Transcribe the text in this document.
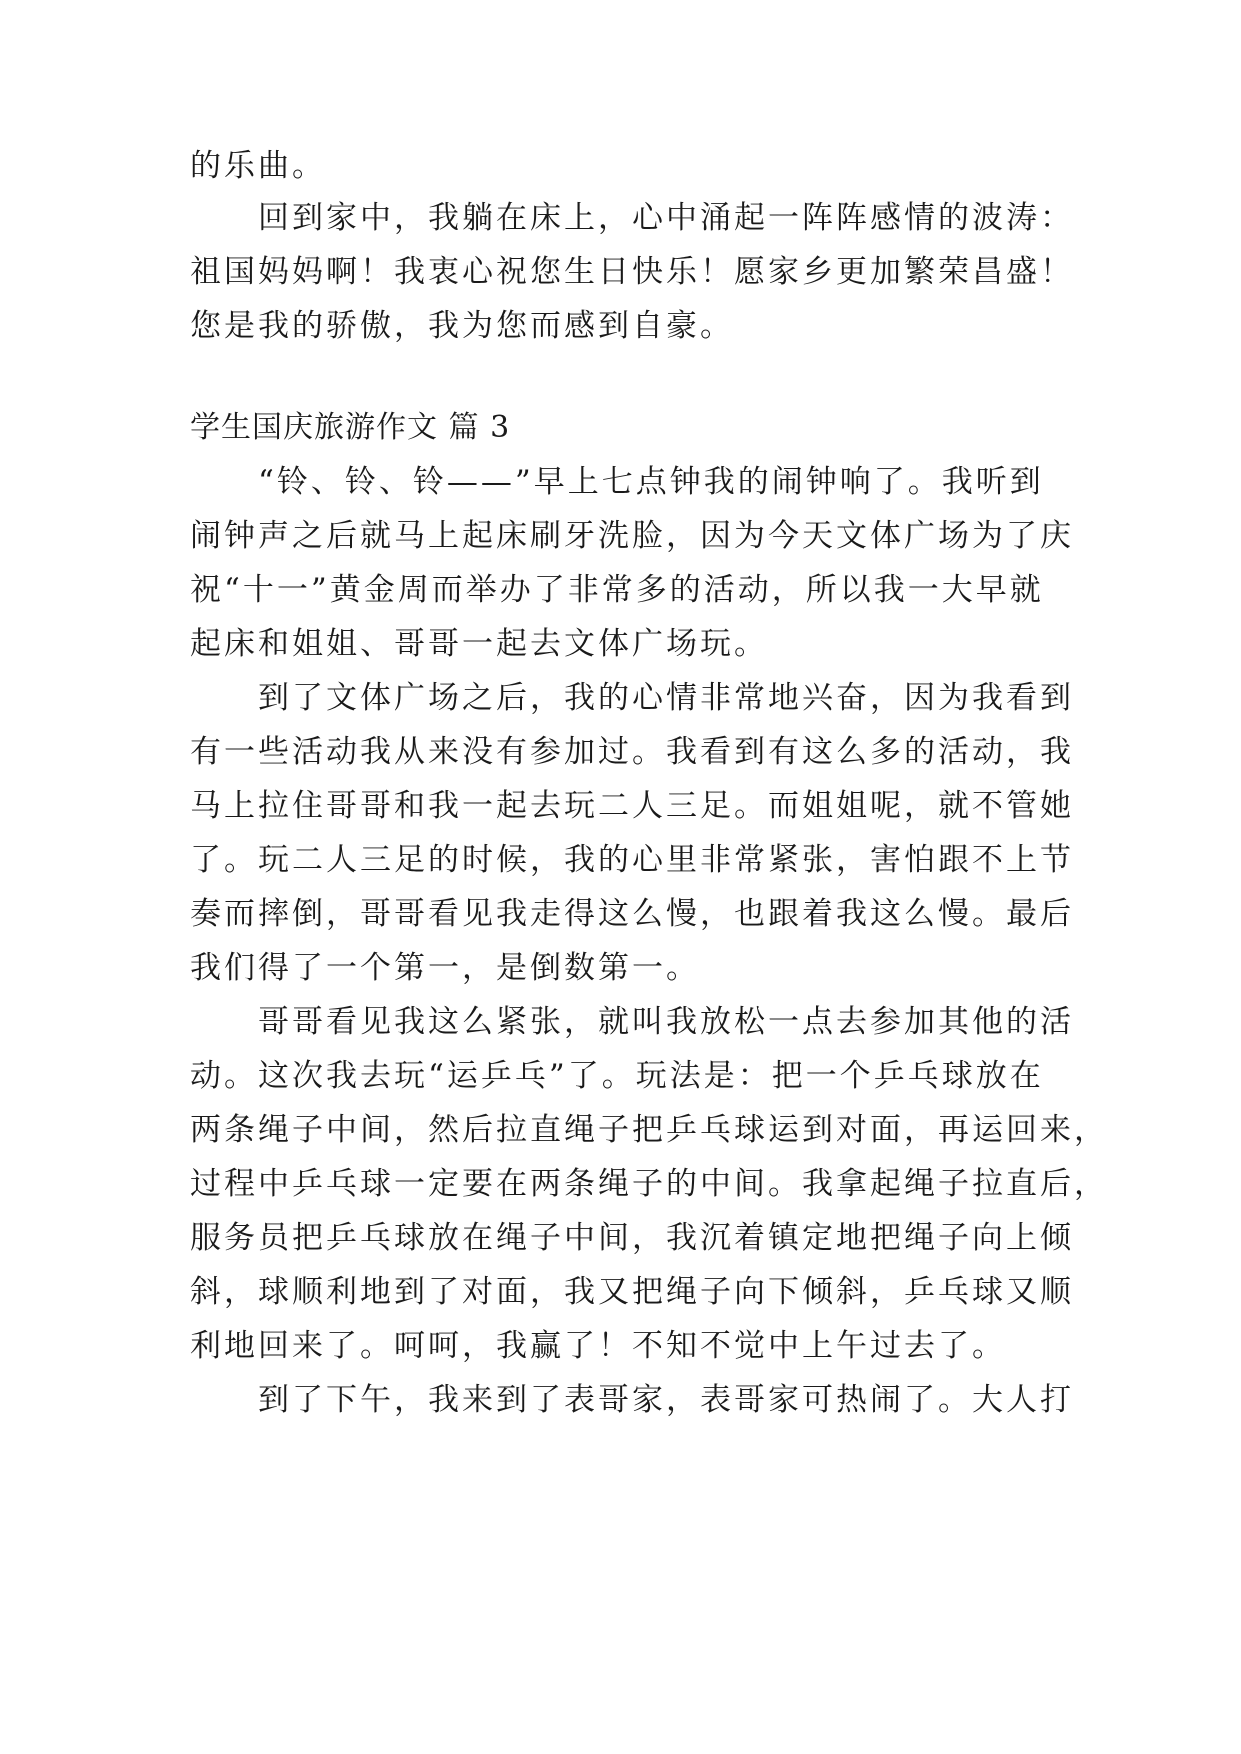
的乐曲。
回到家中，我躺在床上，心中涌起一阵阵感情的波涛：
祖国妈妈啊！我衷心祝您生日快乐！愿家乡更加繁荣昌盛！
您是我的骄傲，我为您而感到自豪。
学生国庆旅游作文 篇 3
“铃、铃、铃——”早上七点钟我的闹钟响了。我听到
闹钟声之后就马上起床刷牙洗脸，因为今天文体广场为了庆
祝“十一”黄金周而举办了非常多的活动，所以我一大早就
起床和姐姐、哥哥一起去文体广场玩。
到了文体广场之后，我的心情非常地兴奋，因为我看到
有一些活动我从来没有参加过。我看到有这么多的活动，我
马上拉住哥哥和我一起去玩二人三足。而姐姐呢，就不管她
了。玩二人三足的时候，我的心里非常紧张，害怕跟不上节
奏而摔倒，哥哥看见我走得这么慢，也跟着我这么慢。最后
我们得了一个第一，是倒数第一。
哥哥看见我这么紧张，就叫我放松一点去参加其他的活
动。这次我去玩“运乒乓”了。玩法是：把一个乒乓球放在
两条绳子中间，然后拉直绳子把乒乓球运到对面，再运回来，
过程中乒乓球一定要在两条绳子的中间。我拿起绳子拉直后，
服务员把乒乓球放在绳子中间，我沉着镇定地把绳子向上倾
斜，球顺利地到了对面，我又把绳子向下倾斜，乒乓球又顺
利地回来了。呵呵，我赢了！不知不觉中上午过去了。
到了下午，我来到了表哥家，表哥家可热闹了。大人打
